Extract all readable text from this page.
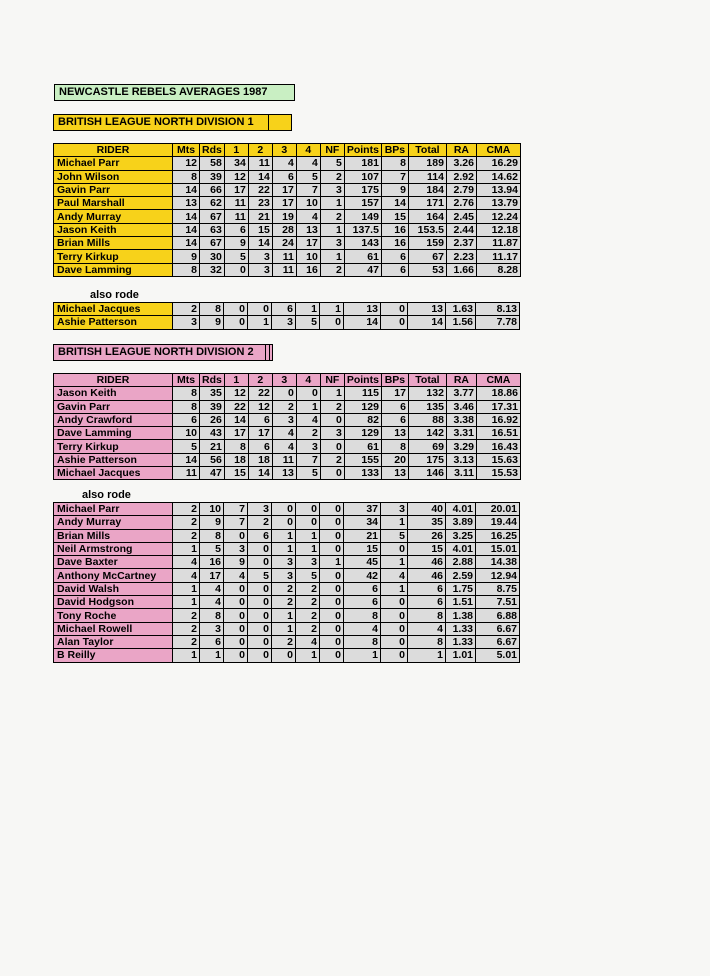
NEWCASTLE REBELS AVERAGES 1987
BRITISH LEAGUE NORTH DIVISION 1
RIDER	Mts	Rds	1	2	3	4	NF	Points	BPs	Total	RA	CMA
Michael Parr	12	58	34	11	4	4	5	181	8	189	3.26	16.29
John Wilson	8	39	12	14	6	5	2	107	7	114	2.92	14.62
Gavin Parr	14	66	17	22	17	7	3	175	9	184	2.79	13.94
Paul Marshall	13	62	11	23	17	10	1	157	14	171	2.76	13.79
Andy Murray	14	67	11	21	19	4	2	149	15	164	2.45	12.24
Jason Keith	14	63	6	15	28	13	1	137.5	16	153.5	2.44	12.18
Brian Mills	14	67	9	14	24	17	3	143	16	159	2.37	11.87
Terry Kirkup	9	30	5	3	11	10	1	61	6	67	2.23	11.17
Dave Lamming	8	32	0	3	11	16	2	47	6	53	1.66	8.28
also rode
Michael Jacques	2	8	0	0	6	1	1	13	0	13	1.63	8.13
Ashie Patterson	3	9	0	1	3	5	0	14	0	14	1.56	7.78
BRITISH LEAGUE NORTH DIVISION 2
RIDER	Mts	Rds	1	2	3	4	NF	Points	BPs	Total	RA	CMA
Jason Keith	8	35	12	22	0	0	1	115	17	132	3.77	18.86
Gavin Parr	8	39	22	12	2	1	2	129	6	135	3.46	17.31
Andy Crawford	6	26	14	6	3	4	0	82	6	88	3.38	16.92
Dave Lamming	10	43	17	17	4	2	3	129	13	142	3.31	16.51
Terry Kirkup	5	21	8	6	4	3	0	61	8	69	3.29	16.43
Ashie Patterson	14	56	18	18	11	7	2	155	20	175	3.13	15.63
Michael Jacques	11	47	15	14	13	5	0	133	13	146	3.11	15.53
also rode
Michael Parr	2	10	7	3	0	0	0	37	3	40	4.01	20.01
Andy Murray	2	9	7	2	0	0	0	34	1	35	3.89	19.44
Brian Mills	2	8	0	6	1	1	0	21	5	26	3.25	16.25
Neil Armstrong	1	5	3	0	1	1	0	15	0	15	4.01	15.01
Dave Baxter	4	16	9	0	3	3	1	45	1	46	2.88	14.38
Anthony McCartney	4	17	4	5	3	5	0	42	4	46	2.59	12.94
David Walsh	1	4	0	0	2	2	0	6	1	6	1.75	8.75
David Hodgson	1	4	0	0	2	2	0	6	0	6	1.51	7.51
Tony Roche	2	8	0	0	1	2	0	8	0	8	1.38	6.88
Michael Rowell	2	3	0	0	1	2	0	4	0	4	1.33	6.67
Alan Taylor	2	6	0	0	2	4	0	8	0	8	1.33	6.67
B Reilly	1	1	0	0	0	1	0	1	0	1	1.01	5.01
